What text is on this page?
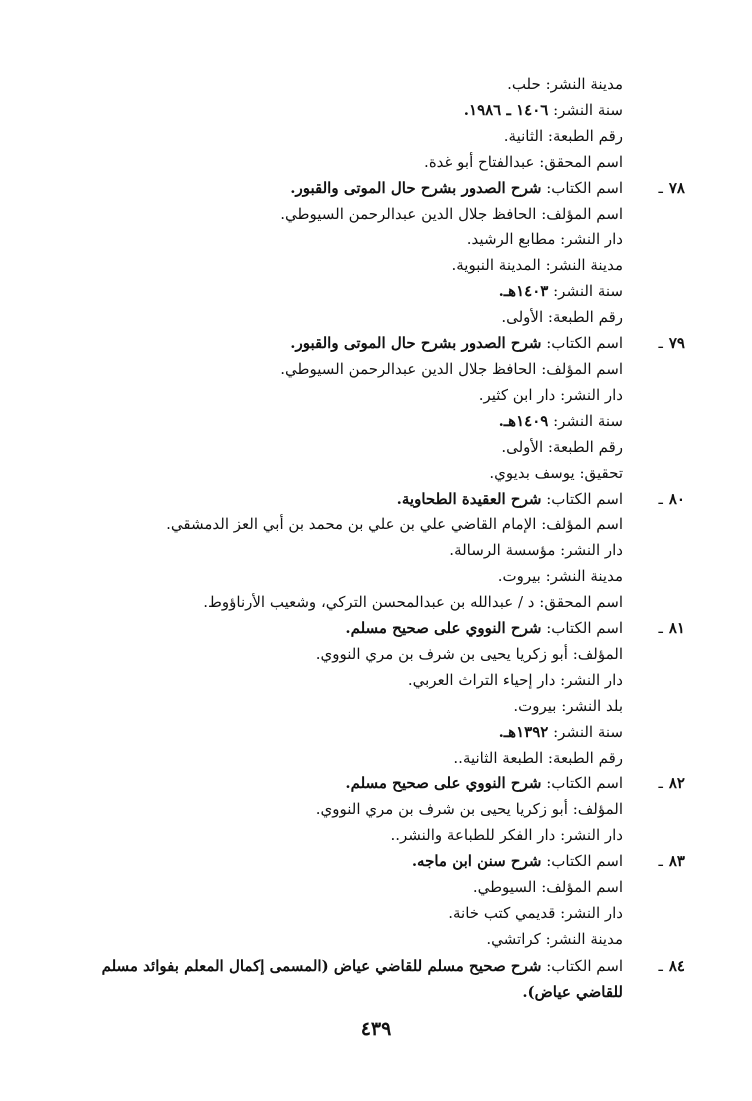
مدينة النشر: حلب.
سنة النشر: ١٤٠٦ ـ ١٩٨٦.
رقم الطبعة: الثانية.
اسم المحقق: عبدالفتاح أبو غدة.
٧٨ـ
اسم الكتاب: شرح الصدور بشرح حال الموتى والقبور.
اسم المؤلف: الحافظ جلال الدين عبدالرحمن السيوطي.
دار النشر: مطابع الرشيد.
مدينة النشر: المدينة النبوية.
سنة النشر: ١٤٠٣هـ.
رقم الطبعة: الأولى.
٧٩ـ
اسم الكتاب: شرح الصدور بشرح حال الموتى والقبور.
اسم المؤلف: الحافظ جلال الدين عبدالرحمن السيوطي.
دار النشر: دار ابن كثير.
سنة النشر: ١٤٠٩هـ.
رقم الطبعة: الأولى.
تحقيق: يوسف بديوي.
٨٠ـ
اسم الكتاب: شرح العقيدة الطحاوية.
اسم المؤلف: الإمام القاضي علي بن علي بن محمد بن أبي العز الدمشقي.
دار النشر: مؤسسة الرسالة.
مدينة النشر: بيروت.
اسم المحقق: د / عبدالله بن عبدالمحسن التركي، وشعيب الأرناؤوط.
٨١ـ
اسم الكتاب: شرح النووي على صحيح مسلم.
المؤلف: أبو زكريا يحيى بن شرف بن مري النووي.
دار النشر: دار إحياء التراث العربي.
بلد النشر: بيروت.
سنة النشر: ١٣٩٢هـ.
رقم الطبعة: الطبعة الثانية..
٨٢ـ
اسم الكتاب: شرح النووي على صحيح مسلم.
المؤلف: أبو زكريا يحيى بن شرف بن مري النووي.
دار النشر: دار الفكر للطباعة والنشر..
٨٣ـ
اسم الكتاب: شرح سنن ابن ماجه.
اسم المؤلف: السيوطي.
دار النشر: قديمي كتب خانة.
مدينة النشر: كراتشي.
٨٤ـ
اسم الكتاب: شرح صحيح مسلم للقاضي عياض (المسمى إكمال المعلم بفوائد مسلم للقاضي عياض).
٤٣٩
